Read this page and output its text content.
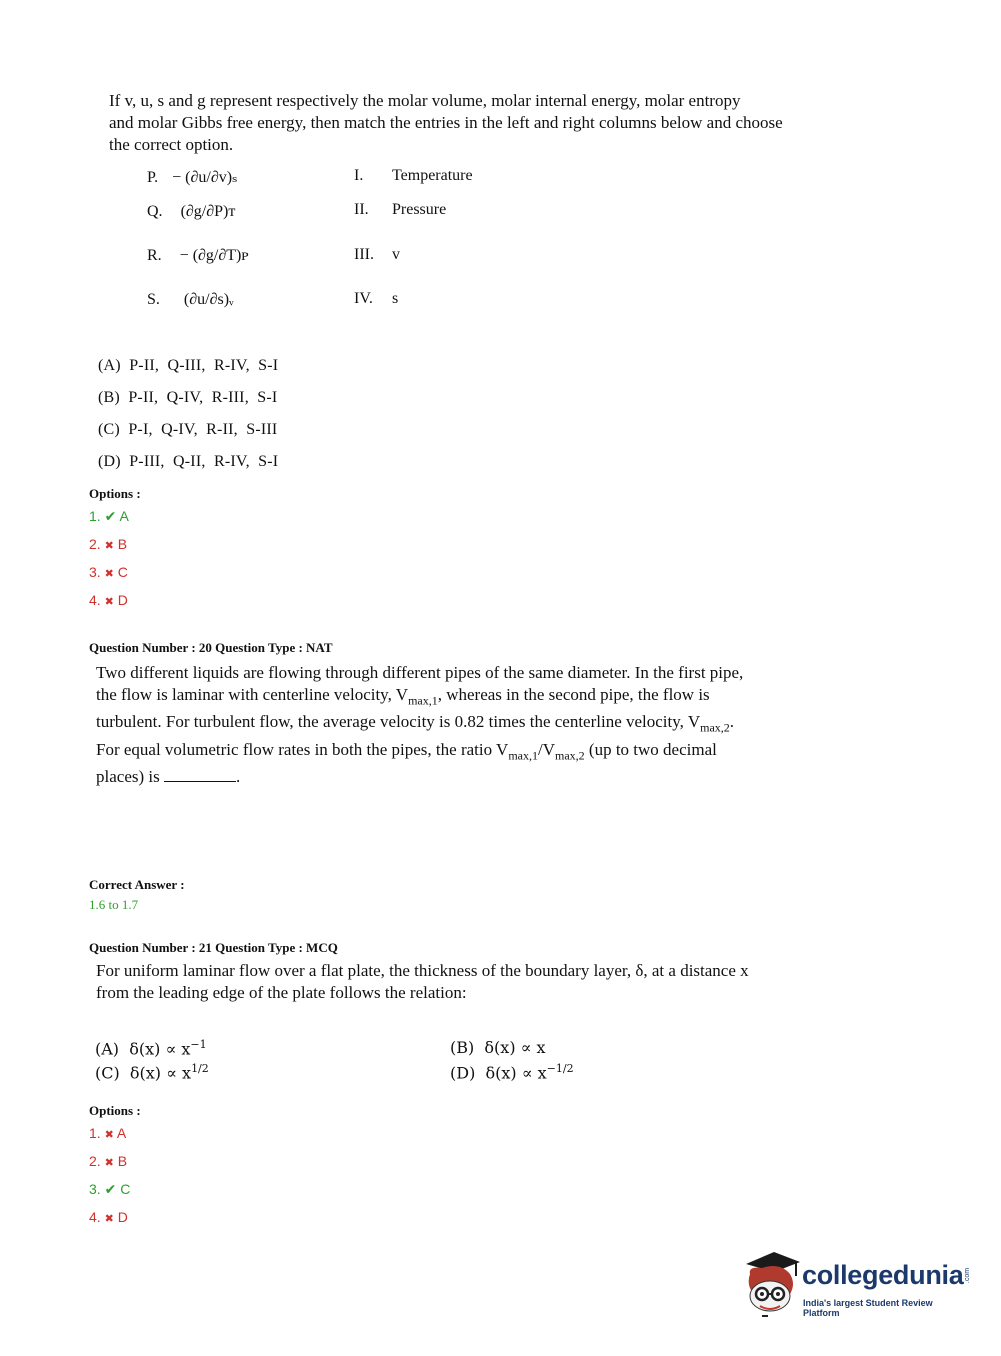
If v, u, s and g represent respectively the molar volume, molar internal energy, molar entropy
and molar Gibbs free energy, then match the entries in the left and right columns below and choose
the correct option.
P. − (∂u/∂v)ₛ
Q. (∂g/∂P)ᴛ
R. − (∂g/∂T)ᴘ
S. (∂u/∂s)ᵥ
I. Temperature
II. Pressure
III. v
IV. s
(A)  P-II,  Q-III,  R-IV,  S-I
(B)  P-II,  Q-IV,  R-III,  S-I
(C)  P-I,  Q-IV,  R-II,  S-III
(D)  P-III,  Q-II,  R-IV,  S-I
Options :
1. ✔ A
2. ✖ B
3. ✖ C
4. ✖ D
Question Number : 20 Question Type : NAT
Two different liquids are flowing through different pipes of the same diameter. In the first pipe,
the flow is laminar with centerline velocity, $V_{max,1}$, whereas in the second pipe, the flow is
turbulent. For turbulent flow, the average velocity is 0.82 times the centerline velocity, $V_{max,2}$.
For equal volumetric flow rates in both the pipes, the ratio $V_{max,1}/V_{max,2}$ (up to two decimal
places) is	.
Correct Answer :
1.6 to 1.7
Question Number : 21 Question Type : MCQ
For uniform laminar flow over a flat plate, the thickness of the boundary layer, δ, at a distance x
from the leading edge of the plate follows the relation:
(A)  $\delta(x) \propto x^{-1}$
(C)  $\delta(x) \propto x^{1/2}$
(B)  δ(x) ∝ x
(D)  $\delta(x) \propto x^{-1/2}$
Options :
1. ✖ A
2. ✖ B
3. ✔ C
4. ✖ D
collegedunia .com
India's largest Student Review Platform
